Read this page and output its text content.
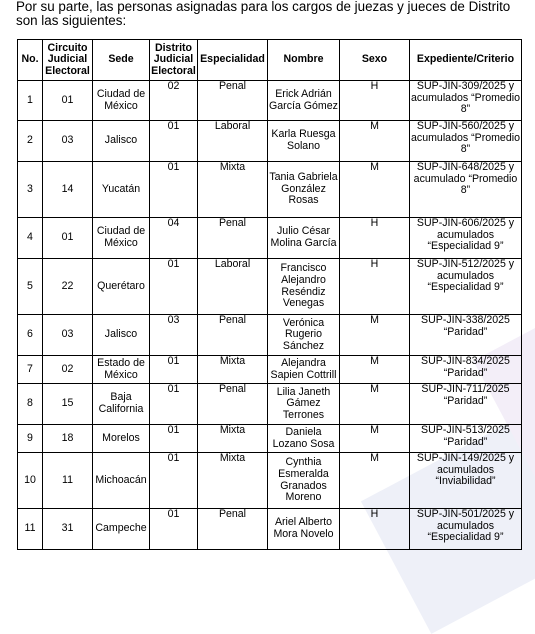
Por su parte, las personas asignadas para los cargos de juezas y jueces de Distrito son las siguientes:
No.	Circuito Judicial Electoral	Sede	Distrito Judicial Electoral	Especialidad	Nombre	Sexo	Expediente/Criterio
1	01	Ciudad de México	02	Penal	Erick Adrián García Gómez	H	SUP-JIN-309/2025 y acumulados “Promedio 8”
2	03	Jalisco	01	Laboral	Karla Ruesga Solano	M	SUP-JIN-560/2025 y acumulados “Promedio 8”
3	14	Yucatán	01	Mixta	Tania Gabriela González Rosas	M	SUP-JIN-648/2025 y acumulado “Promedio 8”
4	01	Ciudad de México	04	Penal	Julio César Molina García	H	SUP-JIN-606/2025 y acumulados “Especialidad 9”
5	22	Querétaro	01	Laboral	Francisco Alejandro Reséndiz Venegas	H	SUP-JIN-512/2025 y acumulados “Especialidad 9”
6	03	Jalisco	03	Penal	Verónica Rugerio Sánchez	M	SUP-JIN-338/2025 “Paridad”
7	02	Estado de México	01	Mixta	Alejandra Sapien Cottrill	M	SUP-JIN-834/2025 “Paridad”
8	15	Baja California	01	Penal	Lilia Janeth Gámez Terrones	M	SUP-JIN-711/2025 “Paridad”
9	18	Morelos	01	Mixta	Daniela Lozano Sosa	M	SUP-JIN-513/2025 “Paridad”
10	11	Michoacán	01	Mixta	Cynthia Esmeralda Granados Moreno	M	SUP-JIN-149/2025 y acumulados “Inviabilidad”
11	31	Campeche	01	Penal	Ariel Alberto Mora Novelo	H	SUP-JIN-501/2025 y acumulados “Especialidad 9”
